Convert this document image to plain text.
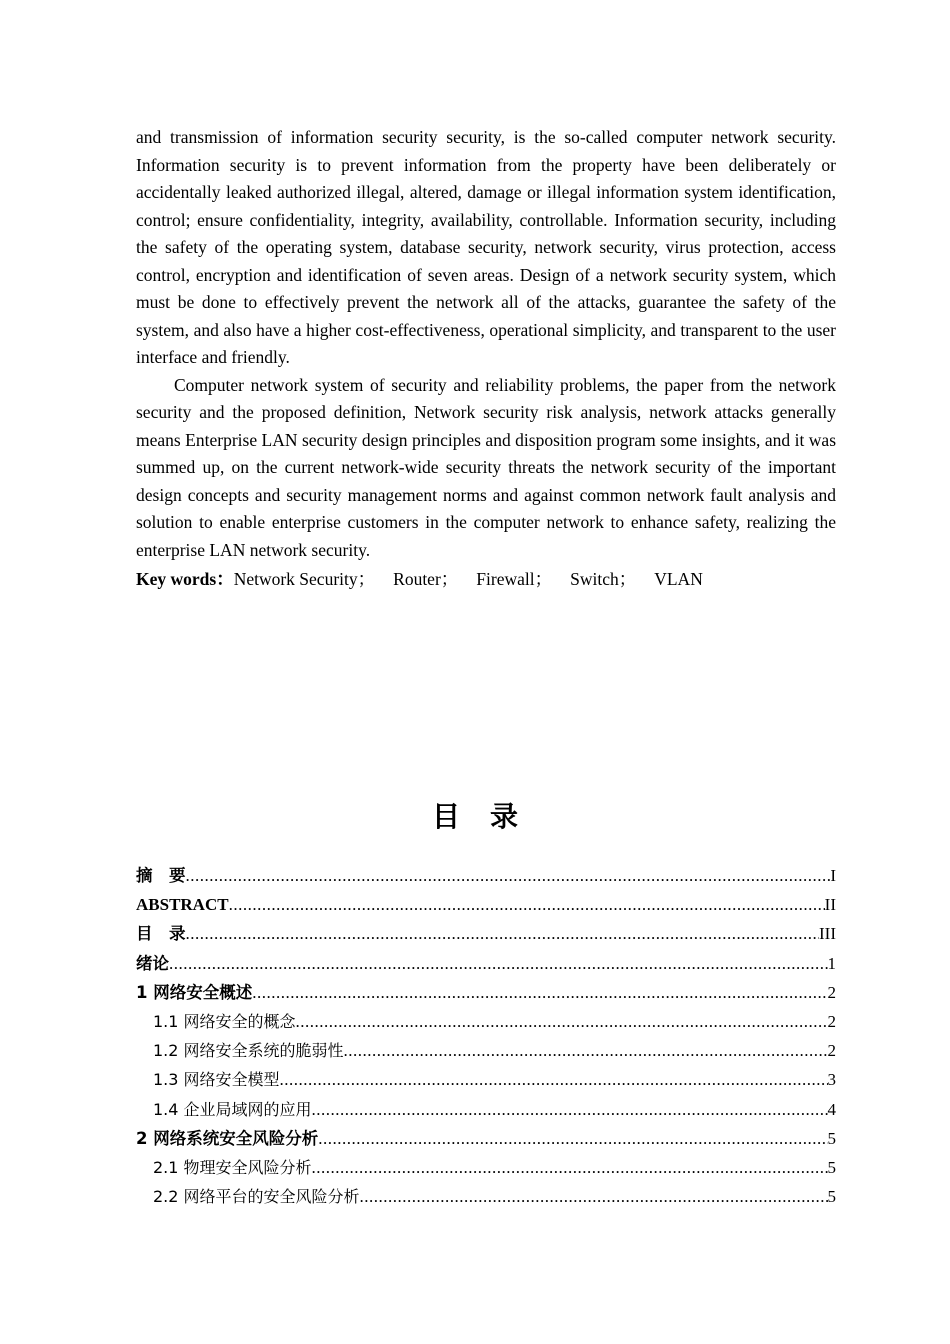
and transmission of information security security, is the so-called computer network security. Information security is to prevent information from the property have been deliberately or accidentally leaked authorized illegal, altered, damage or illegal information system identification, control; ensure confidentiality, integrity, availability, controllable. Information security, including the safety of the operating system, database security, network security, virus protection, access control, encryption and identification of seven areas. Design of a network security system, which must be done to effectively prevent the network all of the attacks, guarantee the safety of the system, and also have a higher cost-effectiveness, operational simplicity, and transparent to the user interface and friendly.

Computer network system of security and reliability problems, the paper from the network security and the proposed definition, Network security risk analysis, network attacks generally means Enterprise LAN security design principles and disposition program some insights, and it was summed up, on the current network-wide security threats the network security of the important design concepts and security management norms and against common network fault analysis and solution to enable enterprise customers in the computer network to enhance safety, realizing the enterprise LAN network security.

Key words：Network Security； Router； Firewall； Switch； VLAN

目录
摘　要 .....	I
ABSTRACT .....	II
目　录 .....	III
绪论 .....	1
1 网络安全概述 .....	2
1.1 网络安全的概念 .....	2
1.2 网络安全系统的脆弱性 .....	2
1.3 网络安全模型 .....	3
1.4 企业局域网的应用 .....	4
2 网络系统安全风险分析 .....	5
2.1 物理安全风险分析 .....	5
2.2 网络平台的安全风险分析 .....	5
